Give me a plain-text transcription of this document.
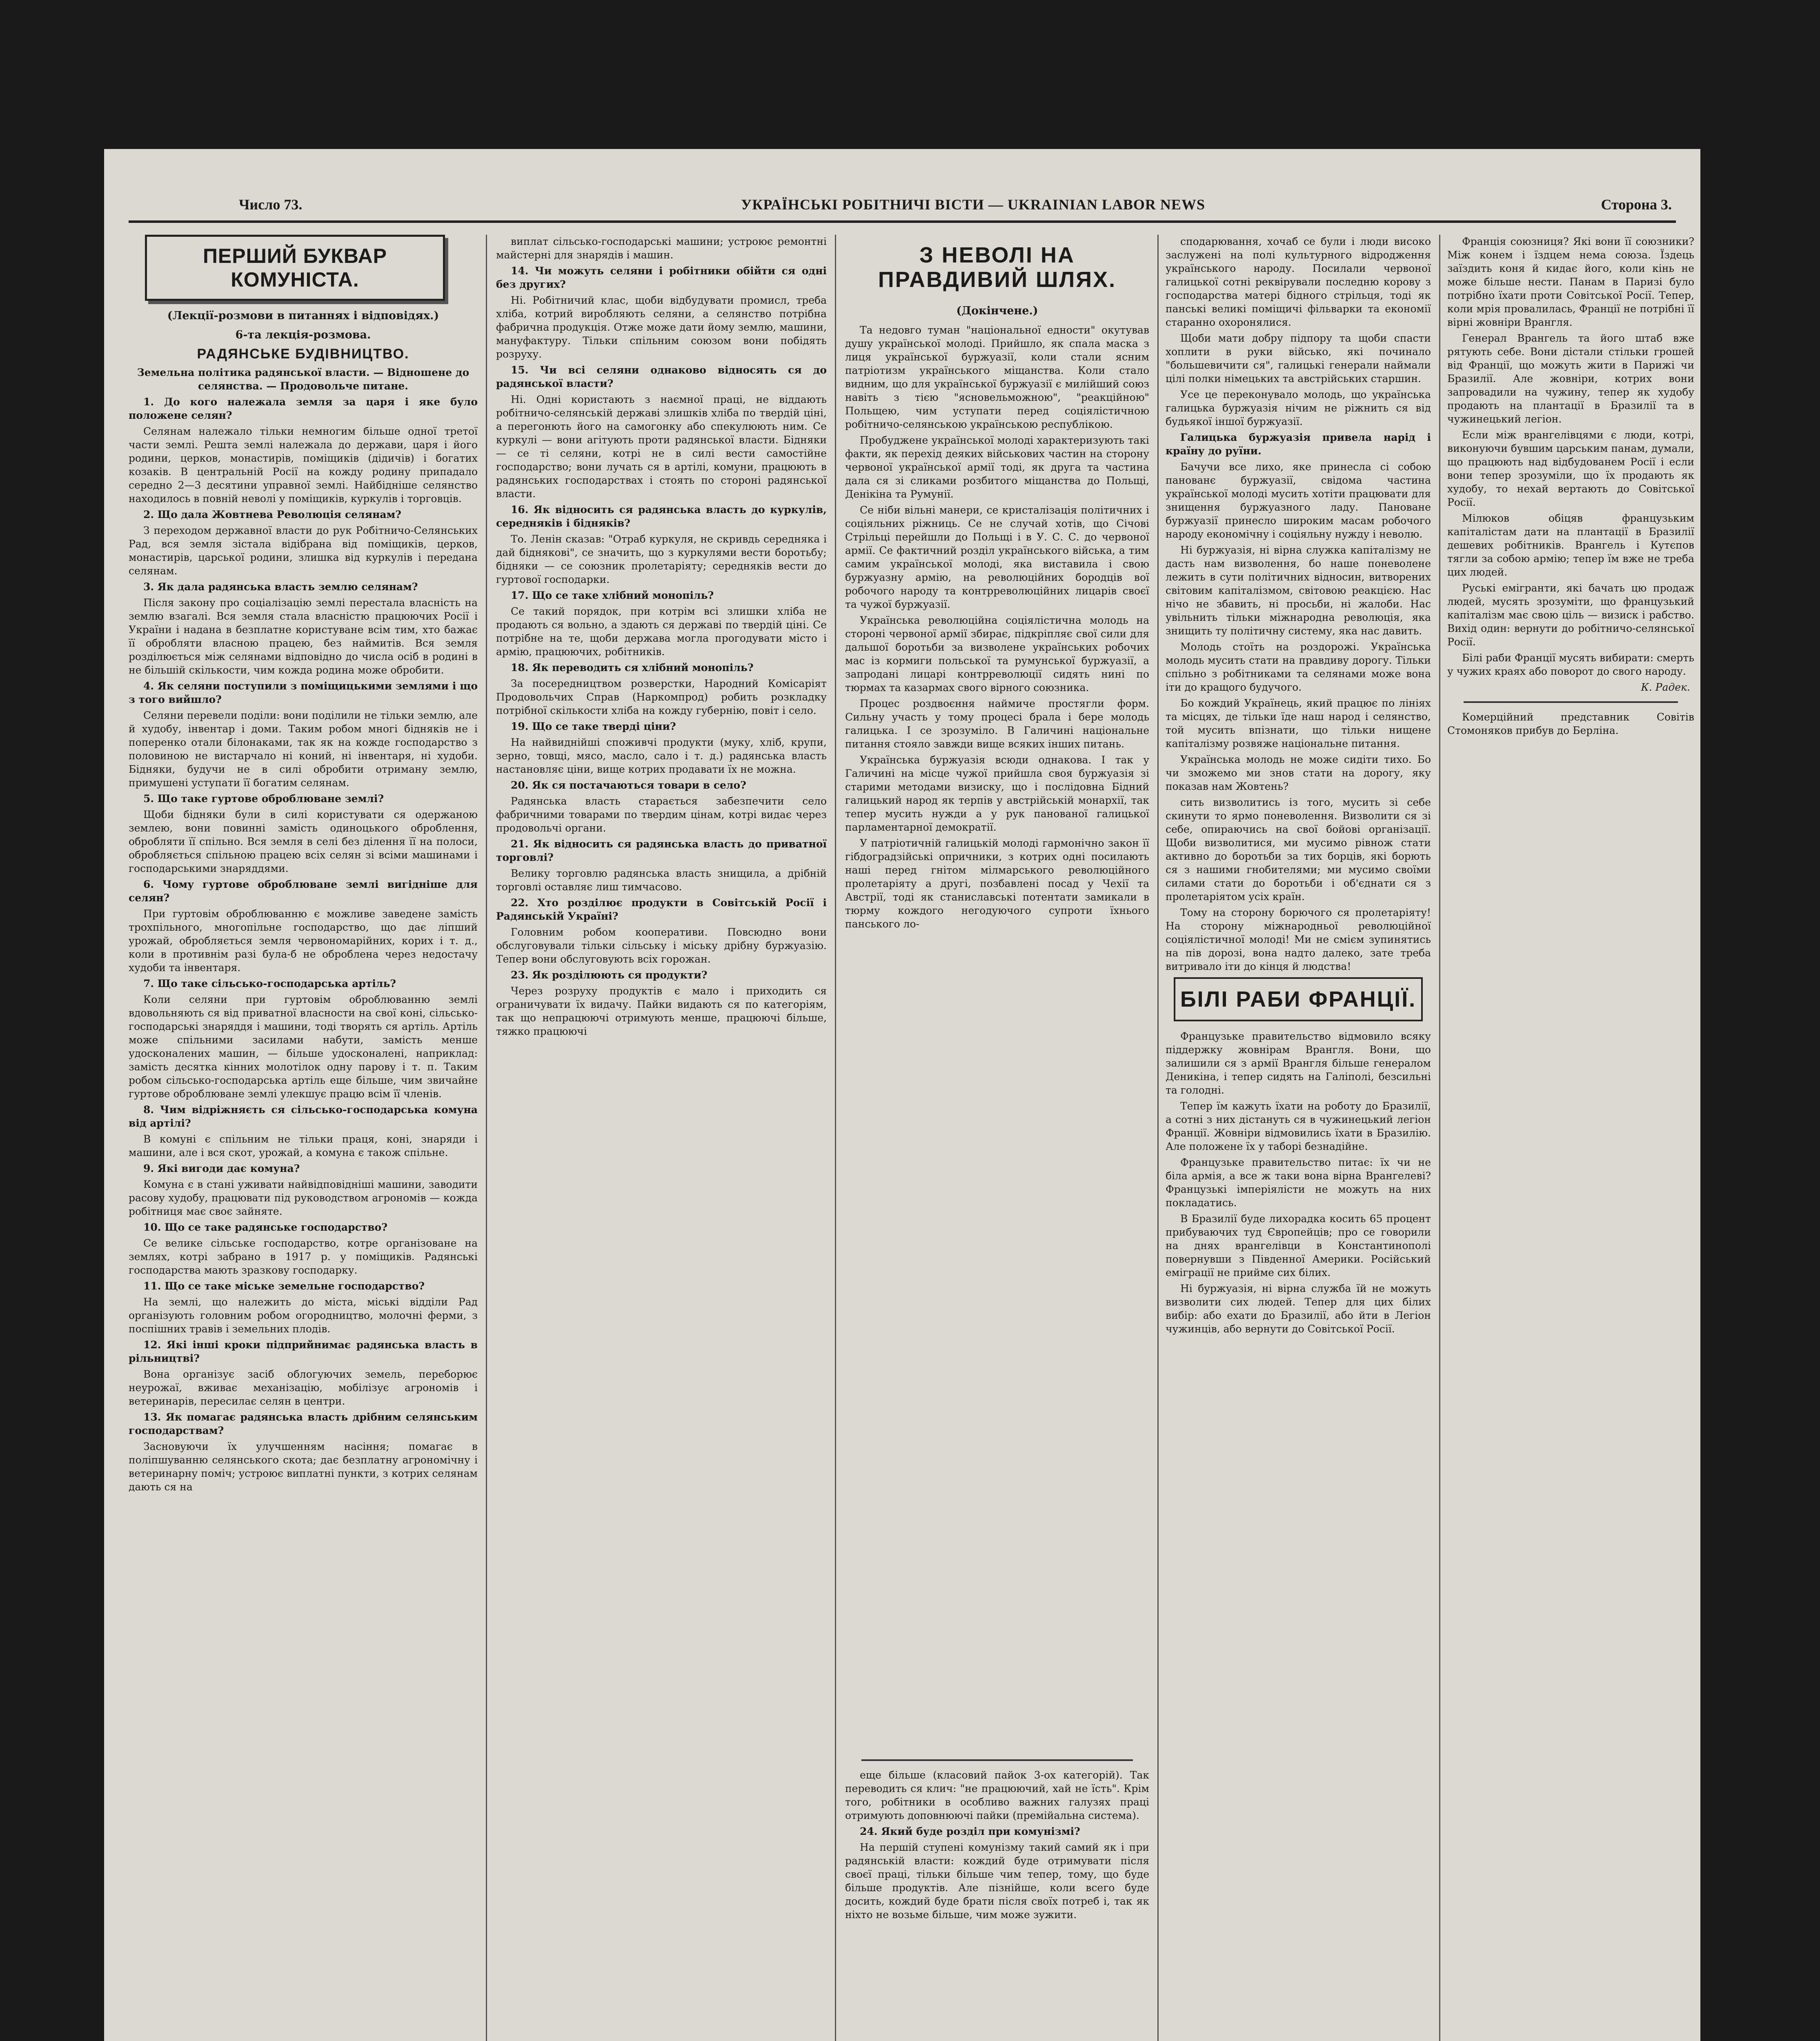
Число 73.	УКРАЇНСЬКІ РОБІТНИЧІ ВІСТИ — UKRAINIAN LABOR NEWS	Сторона 3.
ПЕРШИЙ БУКВАР КОМУНІСТА.
(Лекції-розмови в питаннях і відповідях.)
6-та лекція-розмова.
РАДЯНСЬКЕ БУДІВНИЦТВО.

Земельна політика радянської власти. — Відношене до селянства. — Продовольче питане.

1. До кого належала земля за царя і яке було положене селян?

Селянам належало тільки немногим більше одної третої части землі. Решта землі належала до держави, царя і його родини, церков, монастирів, поміщиків (дідичів) і богатих козаків. В центральній Росії на кожду родину припадало середно 2—3 десятини управної землі. Найбідніше селянство находилось в повній неволі у поміщиків, куркулів і торговців.

2. Що дала Жовтнева Революція селянам?

З переходом державної власти до рук Робітничо-Селянських Рад, вся земля зістала відібрана від поміщиків, церков, монастирів, царської родини, злишка від куркулів і передана селянам.

3. Як дала радянська власть землю селянам?

Після закону про соціалізацію землі перестала власність на землю взагалі. Вся земля стала власністю працюючих Росії і України і надана в безплатне користуване всім тим, хто бажає її обробляти власною працею, без наймитів. Вся земля розділюється між селянами відповідно до числа осіб в родині в не більшій скількости, чим кожда родина може обробити.

4. Як селяни поступили з поміщицькими землями і що з того вийшло?

Селяни перевели поділи: вони поділили не тільки землю, але й худобу, інвентар і доми. Таким робом многі бідняків не і поперенко отали білонаками, так як на кожде господарство з половиною не вистарчало ні коний, ні інвентаря, ні худоби. Бідняки, будучи не в силі обробити отриману землю, примушені уступати її богатим селянам.

5. Що таке гуртове оброблюване землі?

Щоби бідняки були в силі користувати ся одержаною землею, вони повинні замість одиноцького оброблення, обробляти її спільно. Вся земля в селі без ділення її на полоси, обробляється спільною працею всіх селян зі всіми машинами і господарськими знаряддями.

6. Чому гуртове оброблюване землі вигідніше для селян?

При гуртовім оброблюванню є можливе заведене замість трохпільного, многопільне господарство, що дає ліпший урожай, обробляється земля червономарійних, корих і т. д., коли в противнім разі була-б не оброблена через недостачу худоби та інвентаря.

7. Що таке сільсько-господарська артіль?

Коли селяни при гуртовім оброблюванню землі вдовольняють ся від приватної власности на свої коні, сільсько-господарські знаряддя і машини, тоді творять ся артіль. Артіль може спільними засилами набути, замість менше удосконалених машин, — більше удосконалені, наприклад: замість десятка кінних молотілок одну парову і т. п. Таким робом сільсько-господарська артіль еще більше, чим звичайне гуртове оброблюване землі улекшує працю всім її членів.

8. Чим відріжняєть ся сільсько-господарська комуна від артілі?

В комуні є спільним не тільки праця, коні, знаряди і машини, але і вся скот, урожай, а комуна є також спільне.

9. Які вигоди дає комуна?

Комуна є в стані уживати найвідповідніші машини, заводити расову худобу, працювати під руководством агрономів — кожда робітниця має своє зайняте.

10. Що се таке радянське господарство?

Се велике сільське господарство, котре організоване на землях, котрі забрано в 1917 р. у поміщиків. Радянські господарства мають зразкову господарку.

11. Що се таке міське земельне господарство?

На землі, що належить до міста, міські відділи Рад організують головним робом огородництво, молочні ферми, з поспішних травів і земельних плодів.

12. Які інші кроки підприйнимає радянська власть в рільництві?

Вона організує засіб облогуючих земель, переборює неурожаї, вживає механізацію, мобілізує агрономів і ветеринарів, пересилає селян в центри.

13. Як помагає радянська власть дрібним селянським господарствам?

Засновуючи їх улучшенням насіння; помагає в поліпшуванню селянського скота; дає безплатну агрономічну і ветеринарну поміч; устроює виплатні пункти, з котрих селянам дають ся на

виплат сільсько-господарські машини; устроює ремонтні майстерні для знарядів і машин.

14. Чи можуть селяни і робітники обійти ся одні без других?

Ні. Робітничий клас, щоби відбудувати промисл, треба хліба, котрий виробляють селяни, а селянство потрібна фабрична продукція. Отже може дати йому землю, машини, мануфактуру. Тільки спільним союзом вони побідять розруху.

15. Чи всі селяни однаково відносять ся до радянської власти?

Ні. Одні користають з наємної праці, не віддають робітничо-селянській державі злишків хліба по твердій ціні, а перегонють його на самогонку або спекулюють ним. Се куркулі — вони агітують проти радянської власти. Бідняки — се ті селяни, котрі не в силі вести самостійне господарство; вони лучать ся в артілі, комуни, працюють в радянських господарствах і стоять по стороні радянської власти.

16. Як відносить ся радянська власть до куркулів, середняків і бідняків?

То. Ленін сказав: "Отраб куркуля, не скривдь середняка і дай біднякові", се значить, що з куркулями вести боротьбу; бідняки — се союзник пролетаріяту; середняків вести до гуртової господарки.

17. Що се таке хлібний монопіль?

Се такий порядок, при котрім всі злишки хліба не продають ся вольно, а здають ся державі по твердій ціні. Се потрібне на те, щоби держава могла прогодувати місто і армію, працюючих, робітників.

18. Як переводить ся хлібний монопіль?

За посередництвом розверстки, Народний Комісаріят Продовольчих Справ (Наркомпрод) робить розкладку потрібної скількости хліба на кожду губернію, повіт і село.

19. Що се таке тверді ціни?

На найвиднійші споживчі продукти (муку, хліб, крупи, зерно, товщі, мясо, масло, сало і т. д.) радянська власть настановляє ціни, вище котрих продавати їх не можна.

20. Як ся постачаються товари в село?

Радянська власть старається забезпечити село фабричними товарами по твердим цінам, котрі видає через продовольчі органи.

21. Як відносить ся радянська власть до приватної торговлі?

Велику торговлю радянська власть знищила, а дрібній торговлі оставляє лиш тимчасово.

22. Хто розділює продукти в Совітській Росії і Радянській Україні?

Головним робом кооперативи. Повсюдно вони обслуговували тільки сільську і міську дрібну буржуазію. Тепер вони обслуговують всіх горожан.

23. Як розділюють ся продукти?

Через розруху продуктів є мало і приходить ся ограничувати їх видачу. Пайки видають ся по категоріям, так що непрацюючі отримують менше, працюючі більше, тяжко працюючі

З НЕВОЛІ НА ПРАВДИВИЙ ШЛЯХ.
(Докінчене.)

Та недовго туман "національної едности" окутував душу української молоді. Прийшло, як спала маска з лиця української буржуазії, коли стали ясним патріотизм українського міщанства. Коли стало видним, що для української буржуазії є милійший союз навіть з тією "ясновельможною", "реакційною" Польщею, чим уступати перед соціялістичною робітничо-селянською українською республікою.

Пробуджене української молоді характеризують такі факти, як перехід деяких військових частин на сторону червоної української армії тоді, як друга та частина дала ся зі сликами розбитого міщанства до Польщі, Денікіна та Румунії.

Се ніби вільні манери, се кристалізація політичних і соціяльних ріжниць. Се не случай хотів, що Січові Стрільці перейшли до Польщі і в У. С. С. до червоної армії. Се фактичний розділ українського війська, а тим самим української молоді, яка виставила і свою буржуазну армію, на революційних бородців вої робочого народу та контрреволюційних лицарів своєї та чужої буржуазії.

Українська революційна соціялістична молодь на стороні червоної армії збирає, підкріпляє свої сили для дальшої боротьби за визволене українських робочих мас із кормиги польської та румунської буржуазії, а запродані лицарі контрреволюції сидять нині по тюрмах та казармах свого вірного союзника.

Процес роздвоєння наймиче простягли форм. Сильну участь у тому процесі брала і бере молодь галицька. І се зрозуміло. В Галичині національне питання стояло завжди вище всяких інших питань.

Українська буржуазія всюди однакова. І так у Галичині на місце чужої прийшла своя буржуазія зі старими методами визиску, що і послідовна Бідний галицький народ як терпів у австрійській монархії, так тепер мусить нужди а у рук панованої галицької парламентарної демократії.

У патріотичній галицькій молоді гармонічно закон її гібдоградзійські опричники, з котрих одні посилають наші перед гнітом мілмарського революційного пролетаріяту а другі, позбавлені посад у Чехії та Австрії, тоді як станиславські потентати замикали в тюрму кождого негодуючого супроти їхнього панського ло-

еще більше (класовий пайок 3-ох категорій). Так переводить ся клич: "не працюючий, хай не їсть". Крім того, робітники в особливо важних галузях праці отримують доповнюючі пайки (премійальна система).

24. Який буде розділ при комунізмі?

На першій ступені комунізму такий самий як і при радянській власти: кождий буде отримувати після своєї праці, тільки більше чим тепер, тому, що буде більше продуктів. Але пізнійше, коли всего буде досить, кождий буде брати після своїх потреб і, так як ніхто не возьме більше, чим може зужити.

сподарювання, хочаб се були і люди високо заслужені на полі культурного відродження українського народу. Посилали червоної галицької сотні реквірували последню корову з господарства матері бідного стрільця, тоді як панські великі поміщичі фільварки та економії старанно охоронялися.

Щоби мати добру підпору та щоби спасти хоплити в руки військо, які починало "большевичити ся", галицькі генерали наймали цілі полки німецьких та австрійських старшин.

Усе це переконувало молодь, що українська галицька буржуазія нічим не ріжнить ся від будьякої іншої буржуазії.

Галицька буржуазія привела нарід і країну до руїни.

Бачучи все лихо, яке принесла сі собою панованє буржуазії, свідома частина української молоді мусить хотіти працювати для знищення буржуазного ладу. Пановане буржуазії принесло широким масам робочого народу економічну і соціяльну нужду і неволю.

Ні буржуазія, ні вірна служка капіталізму не дасть нам визволення, бо наше поневолене лежить в сути політичних відносин, витворених світовим капіталізмом, світовою реакцією. Нас нічо не збавить, ні просьби, ні жалоби. Нас увільнить тільки міжнародна революція, яка знищить ту політичну систему, яка нас давить.

Молодь стоїть на роздорожі. Українська молодь мусить стати на правдиву дорогу. Тільки спільно з робітниками та селянами може вона іти до кращого будучого.

Бо кождий Українець, який працює по лініях та місцях, де тільки їде наш народ і селянство, той мусить впізнати, що тільки нищене капіталізму розвяже національне питання.

Українська молодь не може сидіти тихо. Бо чи зможемо ми знов стати на дорогу, яку показав нам Жовтень?

сить визволитись із того, мусить зі себе скинути то ярмо поневолення. Визволити ся зі себе, опираючись на свої бойові організації. Щоби визволитися, ми мусимо рівнож стати активно до боротьби за тих борців, які борють ся з нашими гнобителями; ми мусимо своїми силами стати до боротьби і об'єднати ся з пролетаріятом усіх країн.

Тому на сторону борючого ся пролетаріяту! На сторону міжнародньої революційної соціялістичної молоді! Ми не смієм зупинятись на пів дорозі, вона надто далеко, зате треба витривало іти до кінця й людства!

БІЛІ РАБИ ФРАНЦІЇ.

Французьке правительство відмовило всяку піддержку жовнірам Врангля. Вони, що залишили ся з армії Врангля більше генералом Деникіна, і тепер сидять на Галіполі, безсильні та голодні.

Тепер їм кажуть їхати на роботу до Бразилії, а сотні з них дістануть ся в чужинецький легіон Франції. Жовніри відмовились їхати в Бразилію. Але положене їх у таборі безнадійне.

Французьке правительство питає: їх чи не біла армія, а все ж таки вона вірна Врангелеві? Французькі імперіялісти не можуть на них покладатись.

В Бразилії буде лихорадка косить 65 процент прибуваючих туд Європейців; про се говорили на днях врангелівци в Константинополі повернувши з Південної Америки. Російський еміграції не прийме сих білих.

Ні буржуазія, ні вірна служба їй не можуть визволити сих людей. Тепер для цих білих вибір: або ехати до Бразилії, або йти в Легіон чужинців, або вернути до Совітської Росії.

Франція союзниця? Які вони її союзники? Між конем і їздцем нема союза. Їздець заїздить коня й кидає його, коли кінь не може більше нести. Панам в Паризі було потрібно їхати проти Совітської Росії. Тепер, коли мрія провалилась, Франції не потрібні її вірні жовніри Врангля.

Генерал Врангель та його штаб вже рятують себе. Вони дістали стільки грошей від Франції, що можуть жити в Парижі чи Бразилії. Але жовніри, котрих вони запровадили на чужину, тепер як худобу продають на плантації в Бразилії та в чужинецький легіон.

Если між врангелівцями є люди, котрі, виконуючи бувшим царським панам, думали, що працюють над відбудованем Росії і если вони тепер зрозуміли, що їх продають як худобу, то нехай вертають до Совітської Росії.

Мілюков обіцяв французьким капіталістам дати на плантації в Бразилії дешевих робітників. Врангель і Кутєпов тягли за собою армію; тепер їм вже не треба цих людей.

Руські емігранти, які бачать цю продаж людей, мусять зрозуміти, що французький капіталізм має свою ціль — визиск і рабство. Вихід один: вернути до робітничо-селянської Росії.

Білі раби Франції мусять вибирати: смерть у чужих краях або поворот до свого народу.

К. Радек.

Комерційний представник Совітів Стомоняков прибув до Берліна.
